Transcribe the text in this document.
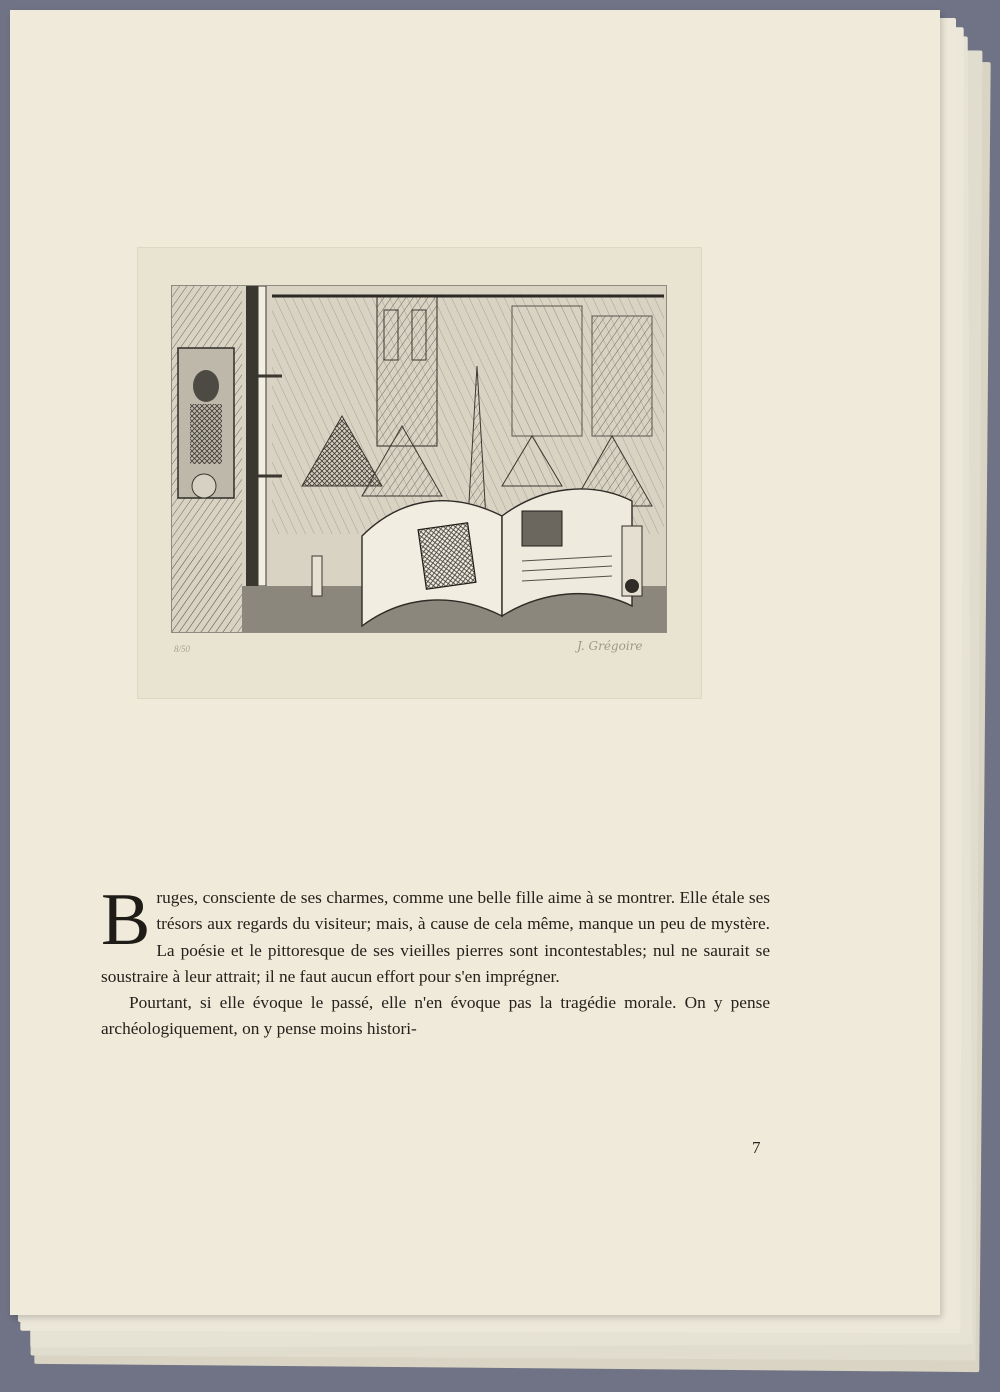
8/50	J. Grégoire

Bruges, consciente de ses charmes, comme une belle fille aime à se montrer. Elle étale ses trésors aux regards du visiteur; mais, à cause de cela même, manque un peu de mystère. La poésie et le pittoresque de ses vieilles pierres sont incontestables; nul ne saurait se soustraire à leur attrait; il ne faut aucun effort pour s'en imprégner.

Pourtant, si elle évoque le passé, elle n'en évoque pas la tragédie morale. On y pense archéologiquement, on y pense moins histori-

7
